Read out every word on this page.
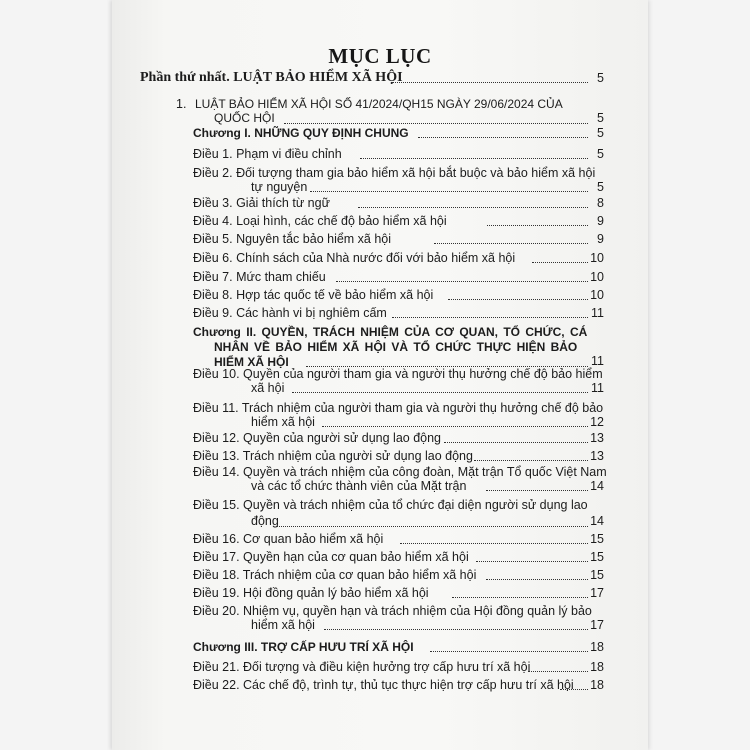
MỤC LỤC
Phần thứ nhất. LUẬT BẢO HIỂM XÃ HỘI	5
1. LUẬT BẢO HIỂM XÃ HỘI SỐ 41/2024/QH15 NGÀY 29/06/2024 CỦA
QUỐC HỘI	5
Chương I. NHỮNG QUY ĐỊNH CHUNG	5
Điều 1. Phạm vi điều chỉnh	5
Điều 2. Đối tượng tham gia bảo hiểm xã hội bắt buộc và bảo hiểm xã hội
tự nguyện	5
Điều 3. Giải thích từ ngữ	8
Điều 4. Loại hình, các chế độ bảo hiểm xã hội	9
Điều 5. Nguyên tắc bảo hiểm xã hội	9
Điều 6. Chính sách của Nhà nước đối với bảo hiểm xã hội	10
Điều 7. Mức tham chiếu	10
Điều 8. Hợp tác quốc tế về bảo hiểm xã hội	10
Điều 9. Các hành vi bị nghiêm cấm	11
Chương II. QUYỀN, TRÁCH NHIỆM CỦA CƠ QUAN, TỔ CHỨC, CÁ
NHÂN VỀ BẢO HIỂM XÃ HỘI VÀ TỔ CHỨC THỰC HIỆN BẢO
HIỂM XÃ HỘI	11
Điều 10. Quyền của người tham gia và người thụ hưởng chế độ bảo hiểm
xã hội	11
Điều 11. Trách nhiệm của người tham gia và người thụ hưởng chế độ bảo
hiểm xã hội	12
Điều 12. Quyền của người sử dụng lao động	13
Điều 13. Trách nhiệm của người sử dụng lao động	13
Điều 14. Quyền và trách nhiệm của công đoàn, Mặt trận Tổ quốc Việt Nam
và các tổ chức thành viên của Mặt trận	14
Điều 15. Quyền và trách nhiệm của tổ chức đại diện người sử dụng lao
động	14
Điều 16. Cơ quan bảo hiểm xã hội	15
Điều 17. Quyền hạn của cơ quan bảo hiểm xã hội	15
Điều 18. Trách nhiệm của cơ quan bảo hiểm xã hội	15
Điều 19. Hội đồng quản lý bảo hiểm xã hội	17
Điều 20. Nhiệm vụ, quyền hạn và trách nhiệm của Hội đồng quản lý bảo
hiểm xã hội	17
Chương III. TRỢ CẤP HƯU TRÍ XÃ HỘI	18
Điều 21. Đối tượng và điều kiện hưởng trợ cấp hưu trí xã hội	18
Điều 22. Các chế độ, trình tự, thủ tục thực hiện trợ cấp hưu trí xã hội	18
